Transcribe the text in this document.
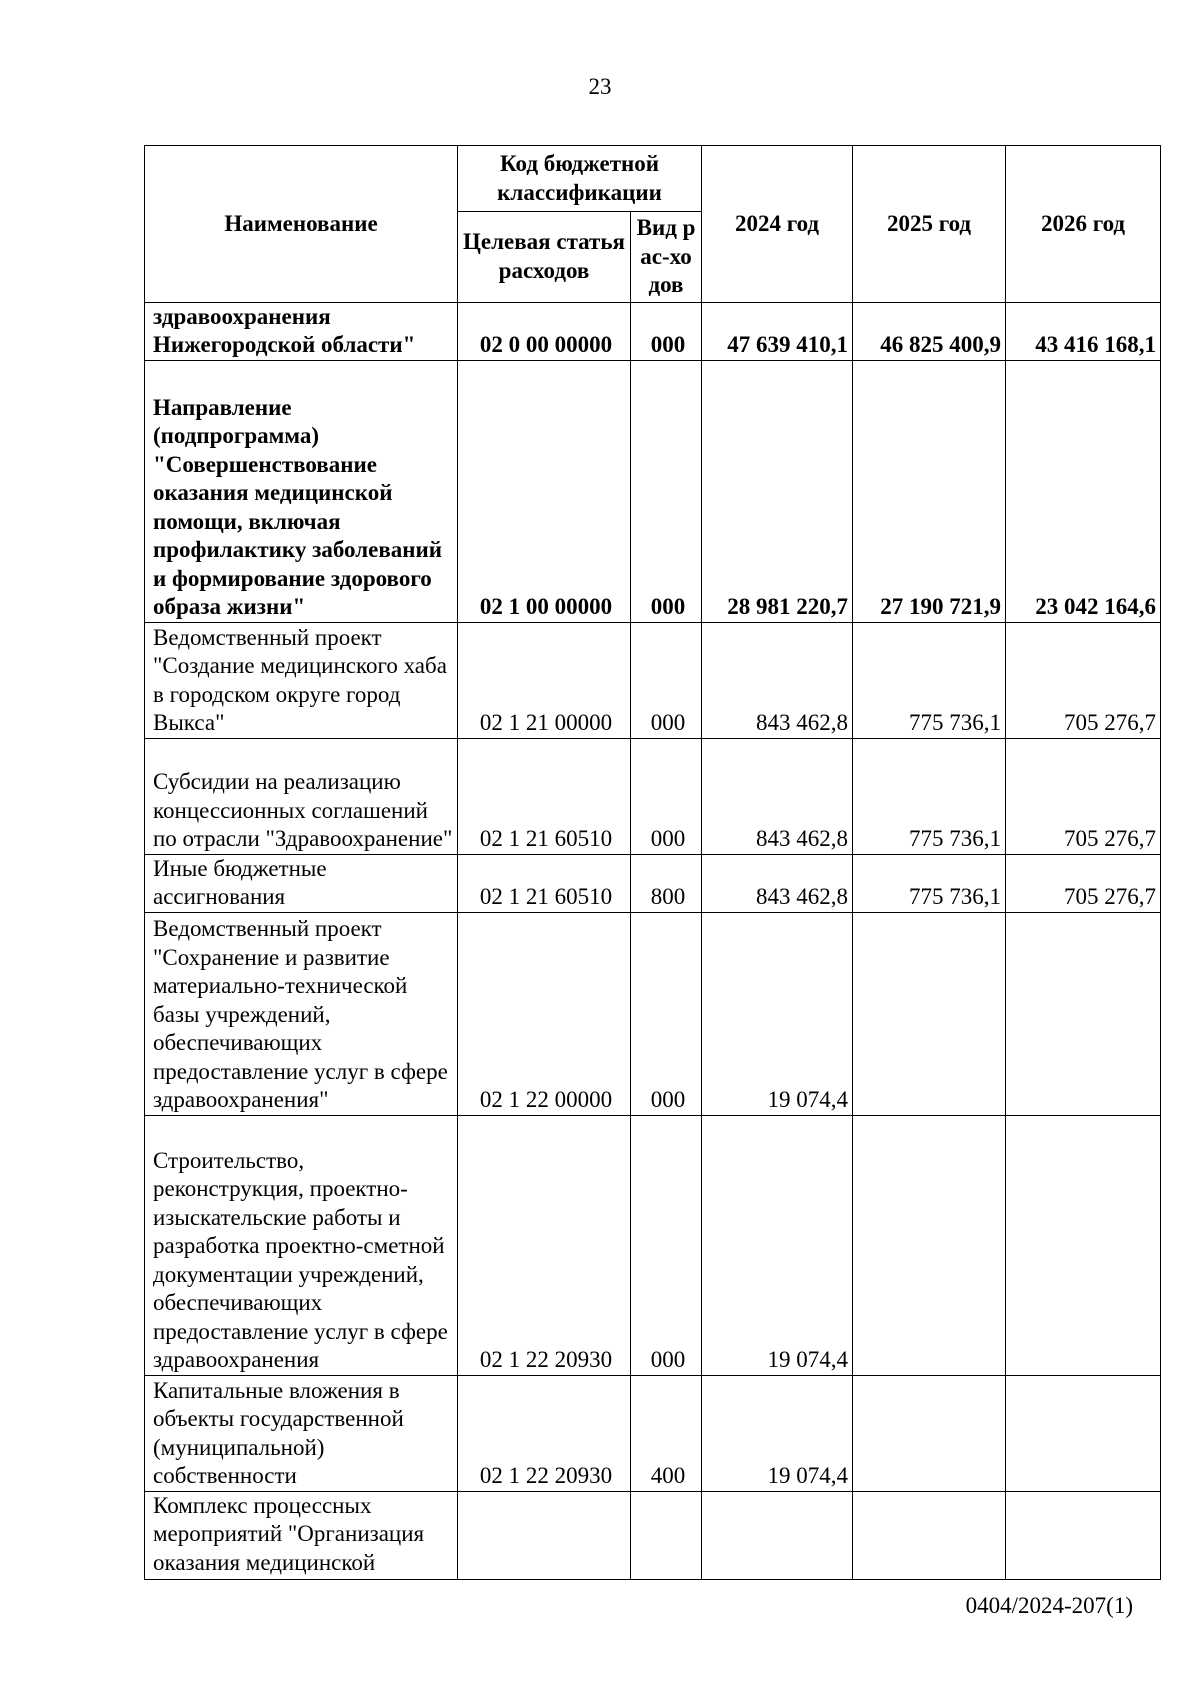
23
Наименование	Код бюджетной классификации		2024 год	2025 год	2026 год
	Целевая статья расходов	Вид рас-ходов			
здравоохранения Нижегородской области"	02 0 00 00000	000	47 639 410,1	46 825 400,9	43 416 168,1
Направление (подпрограмма) "Совершенствование оказания медицинской помощи, включая профилактику заболеваний и формирование здорового образа жизни"	02 1 00 00000	000	28 981 220,7	27 190 721,9	23 042 164,6
Ведомственный проект "Создание медицинского хаба в городском округе город Выкса"	02 1 21 00000	000	843 462,8	775 736,1	705 276,7
Субсидии на реализацию концессионных соглашений по отрасли "Здравоохранение"	02 1 21 60510	000	843 462,8	775 736,1	705 276,7
Иные бюджетные ассигнования	02 1 21 60510	800	843 462,8	775 736,1	705 276,7
Ведомственный проект "Сохранение и развитие материально-технической базы учреждений, обеспечивающих предоставление услуг в сфере здравоохранения"	02 1 22 00000	000	19 074,4		
Строительство, реконструкция, проектно-изыскательские работы и разработка проектно-сметной документации учреждений, обеспечивающих предоставление услуг в сфере здравоохранения	02 1 22 20930	000	19 074,4		
Капитальные вложения в объекты государственной (муниципальной) собственности	02 1 22 20930	400	19 074,4		
Комплекс процессных мероприятий "Организация оказания медицинской					
0404/2024-207(1)
